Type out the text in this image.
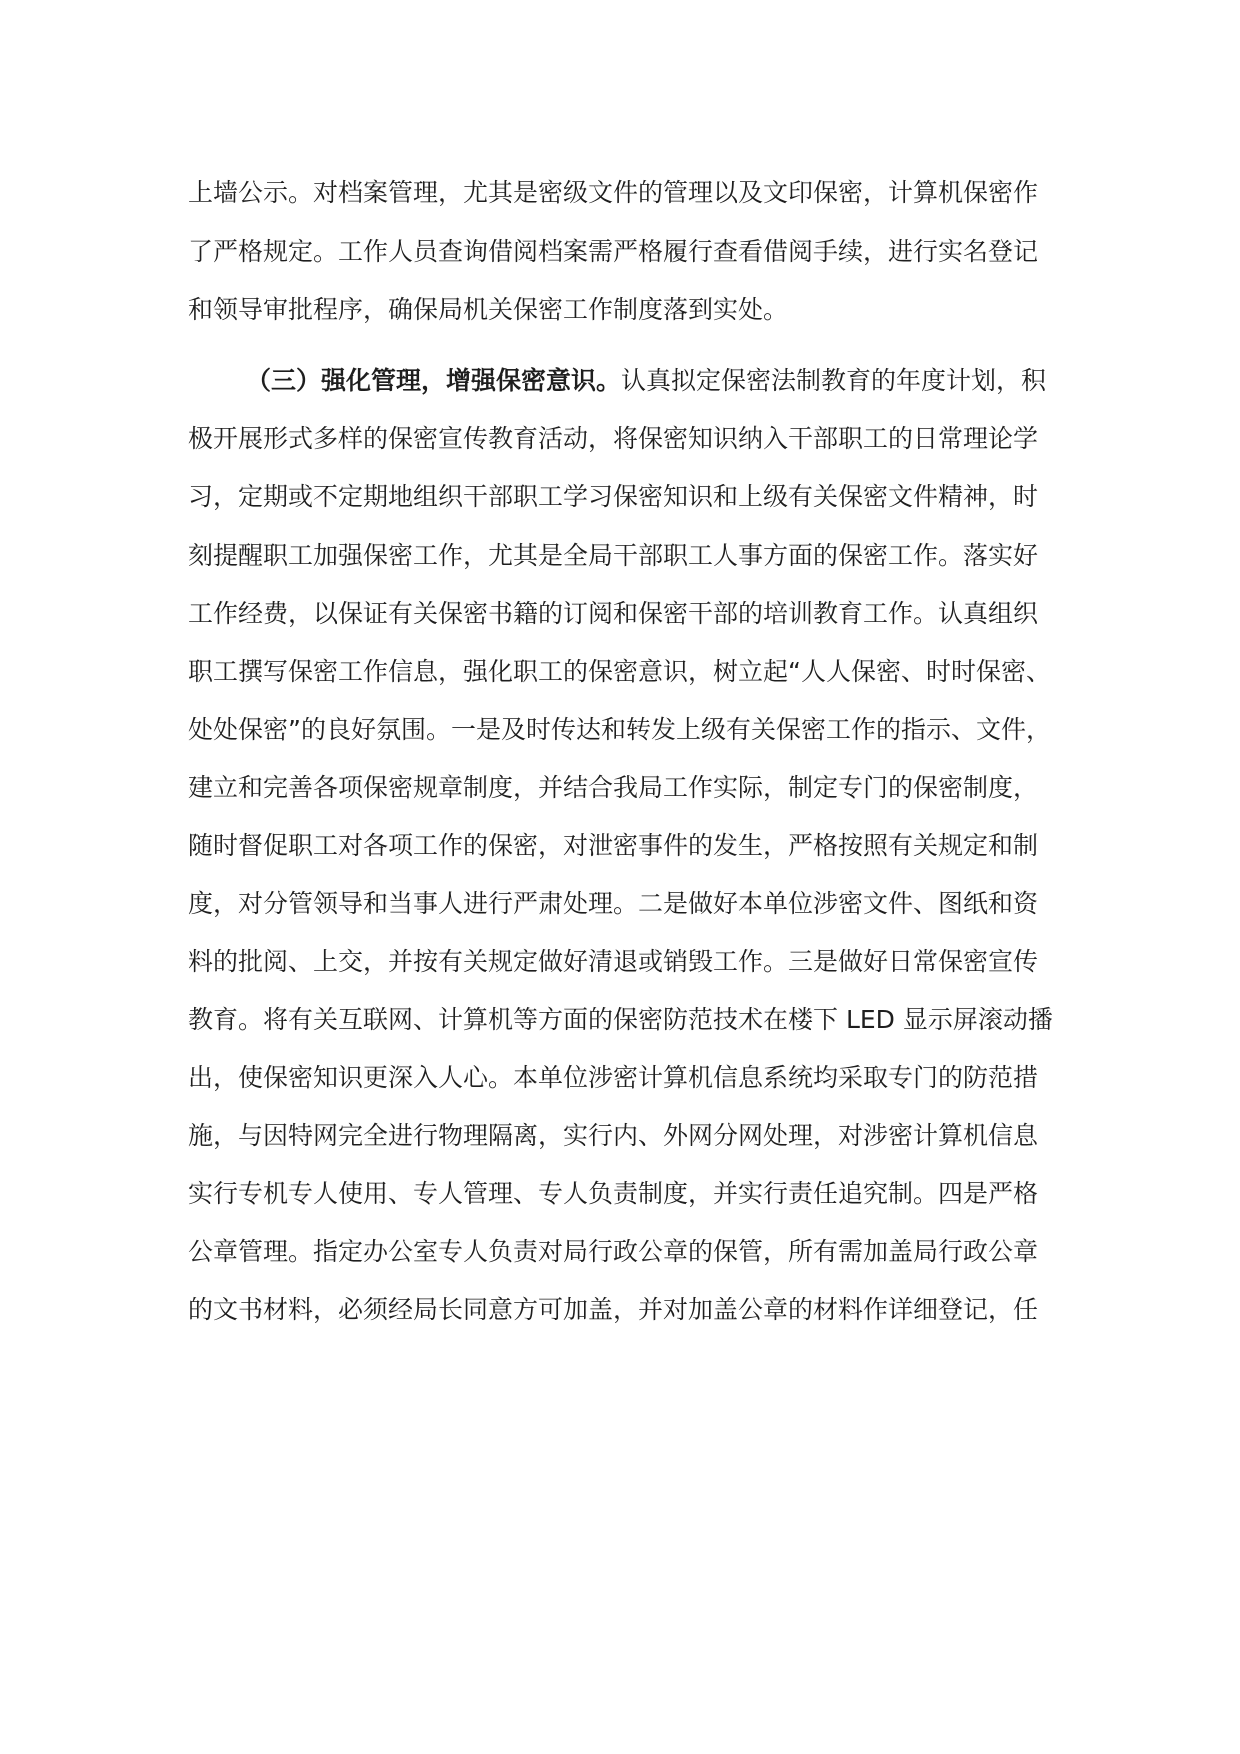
上墙公示。对档案管理，尤其是密级文件的管理以及文印保密，计算机保密作
了严格规定。工作人员查询借阅档案需严格履行查看借阅手续，进行实名登记
和领导审批程序，确保局机关保密工作制度落到实处。
（三）强化管理，增强保密意识。认真拟定保密法制教育的年度计划，积
极开展形式多样的保密宣传教育活动，将保密知识纳入干部职工的日常理论学
习，定期或不定期地组织干部职工学习保密知识和上级有关保密文件精神，时
刻提醒职工加强保密工作，尤其是全局干部职工人事方面的保密工作。落实好
工作经费，以保证有关保密书籍的订阅和保密干部的培训教育工作。认真组织
职工撰写保密工作信息，强化职工的保密意识，树立起“人人保密、时时保密、
处处保密”的良好氛围。一是及时传达和转发上级有关保密工作的指示、文件，
建立和完善各项保密规章制度，并结合我局工作实际，制定专门的保密制度，
随时督促职工对各项工作的保密，对泄密事件的发生，严格按照有关规定和制
度，对分管领导和当事人进行严肃处理。二是做好本单位涉密文件、图纸和资
料的批阅、上交，并按有关规定做好清退或销毁工作。三是做好日常保密宣传
教育。将有关互联网、计算机等方面的保密防范技术在楼下 LED 显示屏滚动播
出，使保密知识更深入人心。本单位涉密计算机信息系统均采取专门的防范措
施，与因特网完全进行物理隔离，实行内、外网分网处理，对涉密计算机信息
实行专机专人使用、专人管理、专人负责制度，并实行责任追究制。四是严格
公章管理。指定办公室专人负责对局行政公章的保管，所有需加盖局行政公章
的文书材料，必须经局长同意方可加盖，并对加盖公章的材料作详细登记，任
